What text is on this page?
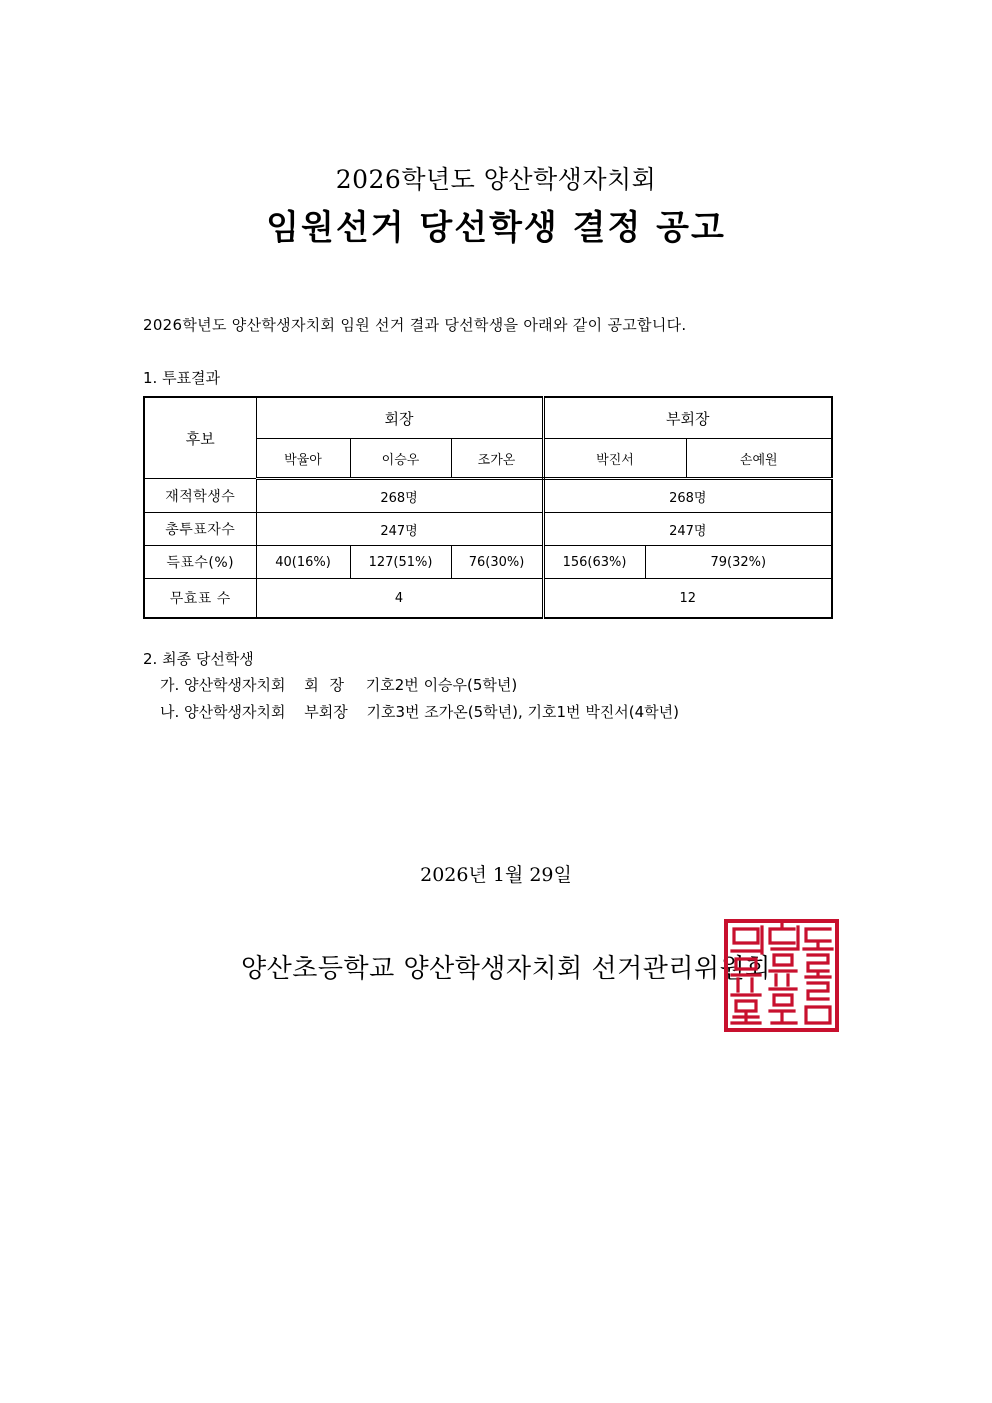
2026학년도 양산학생자치회
임원선거 당선학생 결정 공고
2026학년도 양산학생자치회 임원 선거 결과 당선학생을 아래와 같이 공고합니다.
1. 투표결과
후보	회장			부회장		
	박율아	이승우	조가온	박진서		손예원
재적학생수	268명			268명		
총투표자수	247명			247명		
득표수(%)	40(16%)	127(51%)	76(30%)	156(63%)	79(32%)	
무효표 수	4			12		
2. 최종 당선학생
가. 양산학생자치회 회 장 기호2번 이승우(5학년)
나. 양산학생자치회 부회장 기호3번 조가온(5학년), 기호1번 박진서(4학년)
2026년 1월 29일
양산초등학교 양산학생자치회 선거관리위원회
